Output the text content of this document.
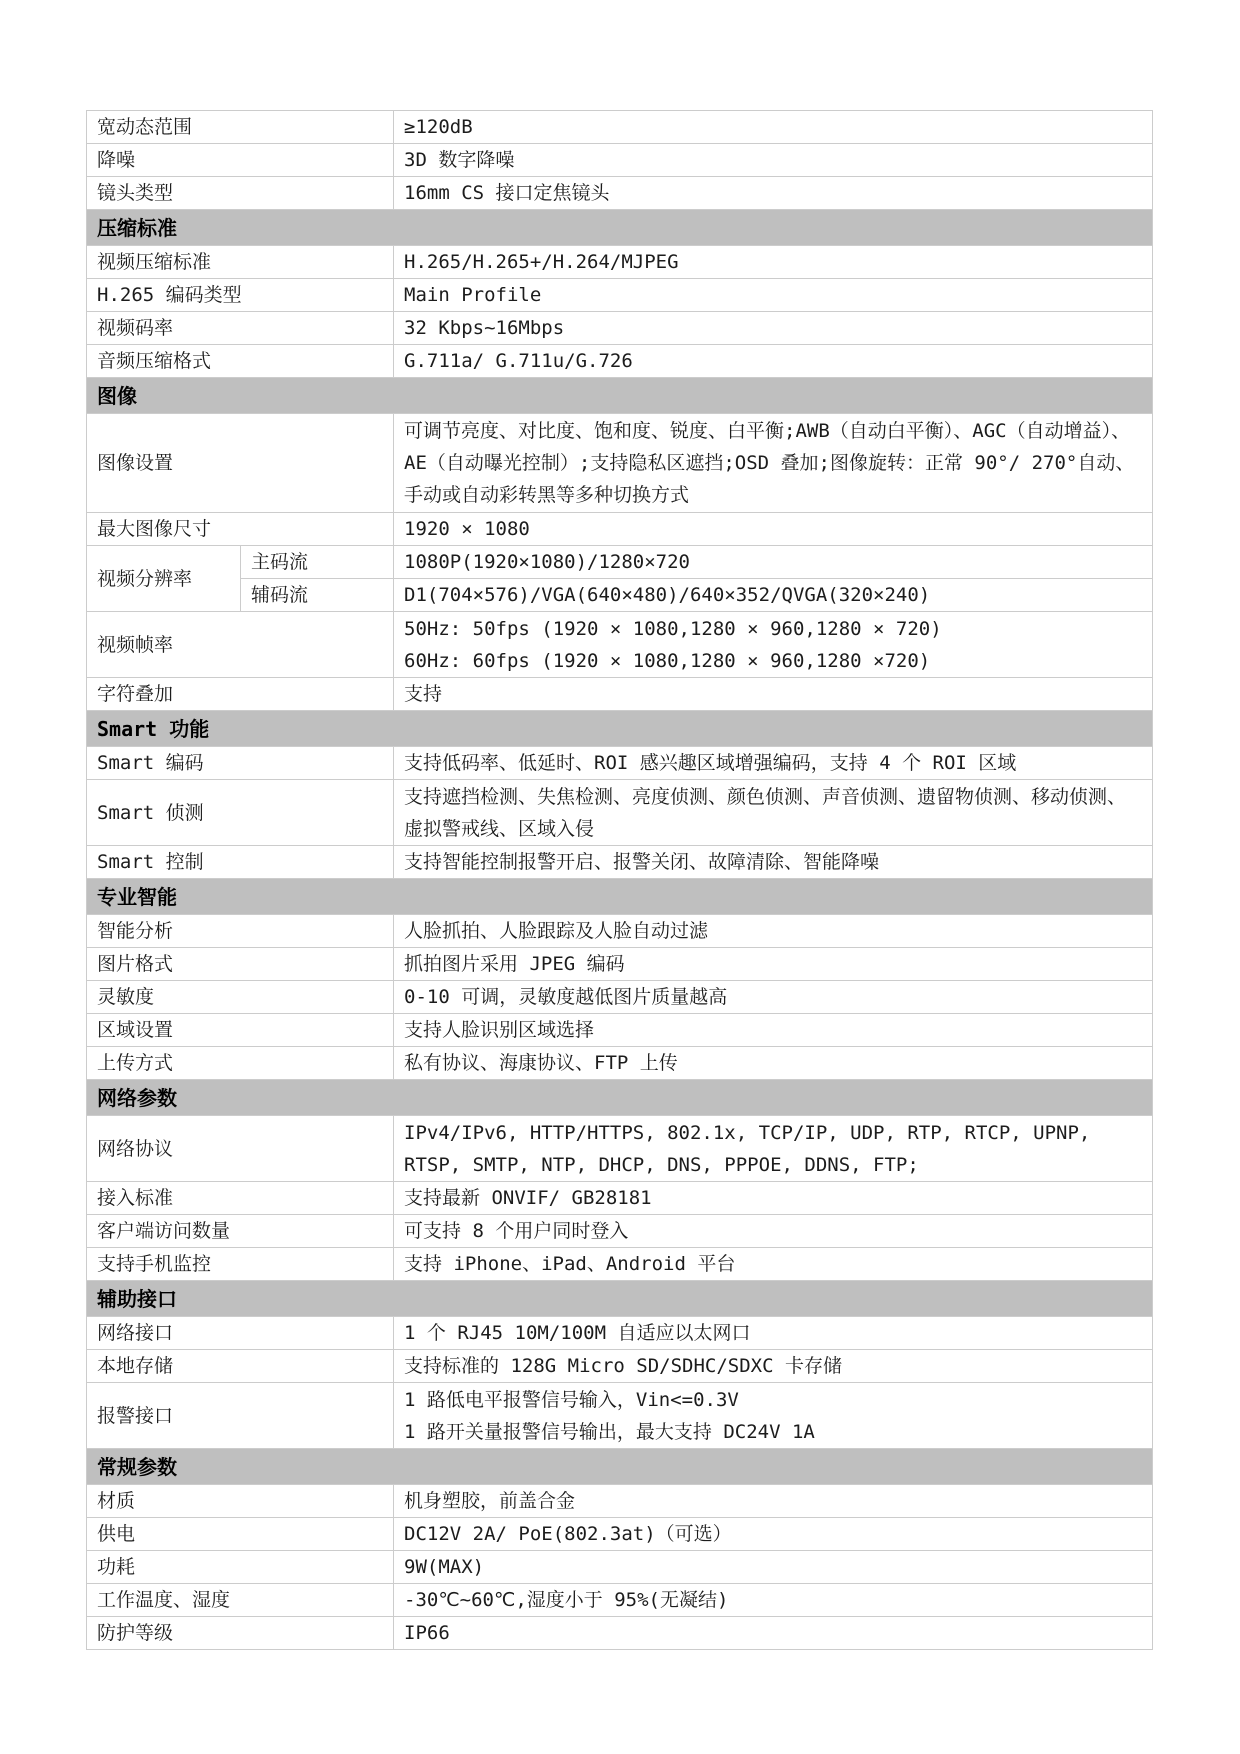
宽动态范围		≥120dB
降噪		3D 数字降噪
镜头类型		16mm CS 接口定焦镜头
压缩标准		
视频压缩标准		H.265/H.265+/H.264/MJPEG
H.265 编码类型		Main Profile
视频码率		32 Kbps~16Mbps
音频压缩格式		G.711a/ G.711u/G.726
图像		
图像设置		可调节亮度、对比度、饱和度、锐度、白平衡;AWB（自动白平衡）、AGC（自动增益）、AE（自动曝光控制）;支持隐私区遮挡;OSD 叠加;图像旋转：正常 90°/ 270°自动、手动或自动彩转黑等多种切换方式
最大图像尺寸		1920 × 1080
视频分辨率	主码流	1080P(1920×1080)/1280×720
	辅码流	D1(704×576)/VGA(640×480)/640×352/QVGA(320×240)
视频帧率		50Hz: 50fps (1920 × 1080,1280 × 960,1280 × 720)
60Hz: 60fps (1920 × 1080,1280 × 960,1280 ×720)

字符叠加		支持
Smart 功能		
Smart 编码		支持低码率、低延时、ROI 感兴趣区域增强编码，支持 4 个 ROI 区域
Smart 侦测		支持遮挡检测、失焦检测、亮度侦测、颜色侦测、声音侦测、遗留物侦测、移动侦测、虚拟警戒线、区域入侵
Smart 控制		支持智能控制报警开启、报警关闭、故障清除、智能降噪
专业智能		
智能分析		人脸抓拍、人脸跟踪及人脸自动过滤
图片格式		抓拍图片采用 JPEG 编码
灵敏度		0-10 可调，灵敏度越低图片质量越高
区域设置		支持人脸识别区域选择
上传方式		私有协议、海康协议、FTP 上传
网络参数		
网络协议		IPv4/IPv6, HTTP/HTTPS, 802.1x, TCP/IP, UDP, RTP, RTCP, UPNP, RTSP, SMTP, NTP, DHCP, DNS, PPPOE, DDNS, FTP;
接入标准		支持最新 ONVIF/ GB28181
客户端访问数量		可支持 8 个用户同时登入
支持手机监控		支持 iPhone、iPad、Android 平台
辅助接口		
网络接口		1 个 RJ45 10M/100M 自适应以太网口
本地存储		支持标准的 128G Micro SD/SDHC/SDXC 卡存储
报警接口		1 路低电平报警信号输入，Vin<=0.3V
1 路开关量报警信号输出，最大支持 DC24V 1A

常规参数		
材质		机身塑胶，前盖合金
供电		DC12V 2A/ PoE(802.3at)（可选）
功耗		9W(MAX)
工作温度、湿度		-30℃~60℃,湿度小于 95%(无凝结)
防护等级		IP66
